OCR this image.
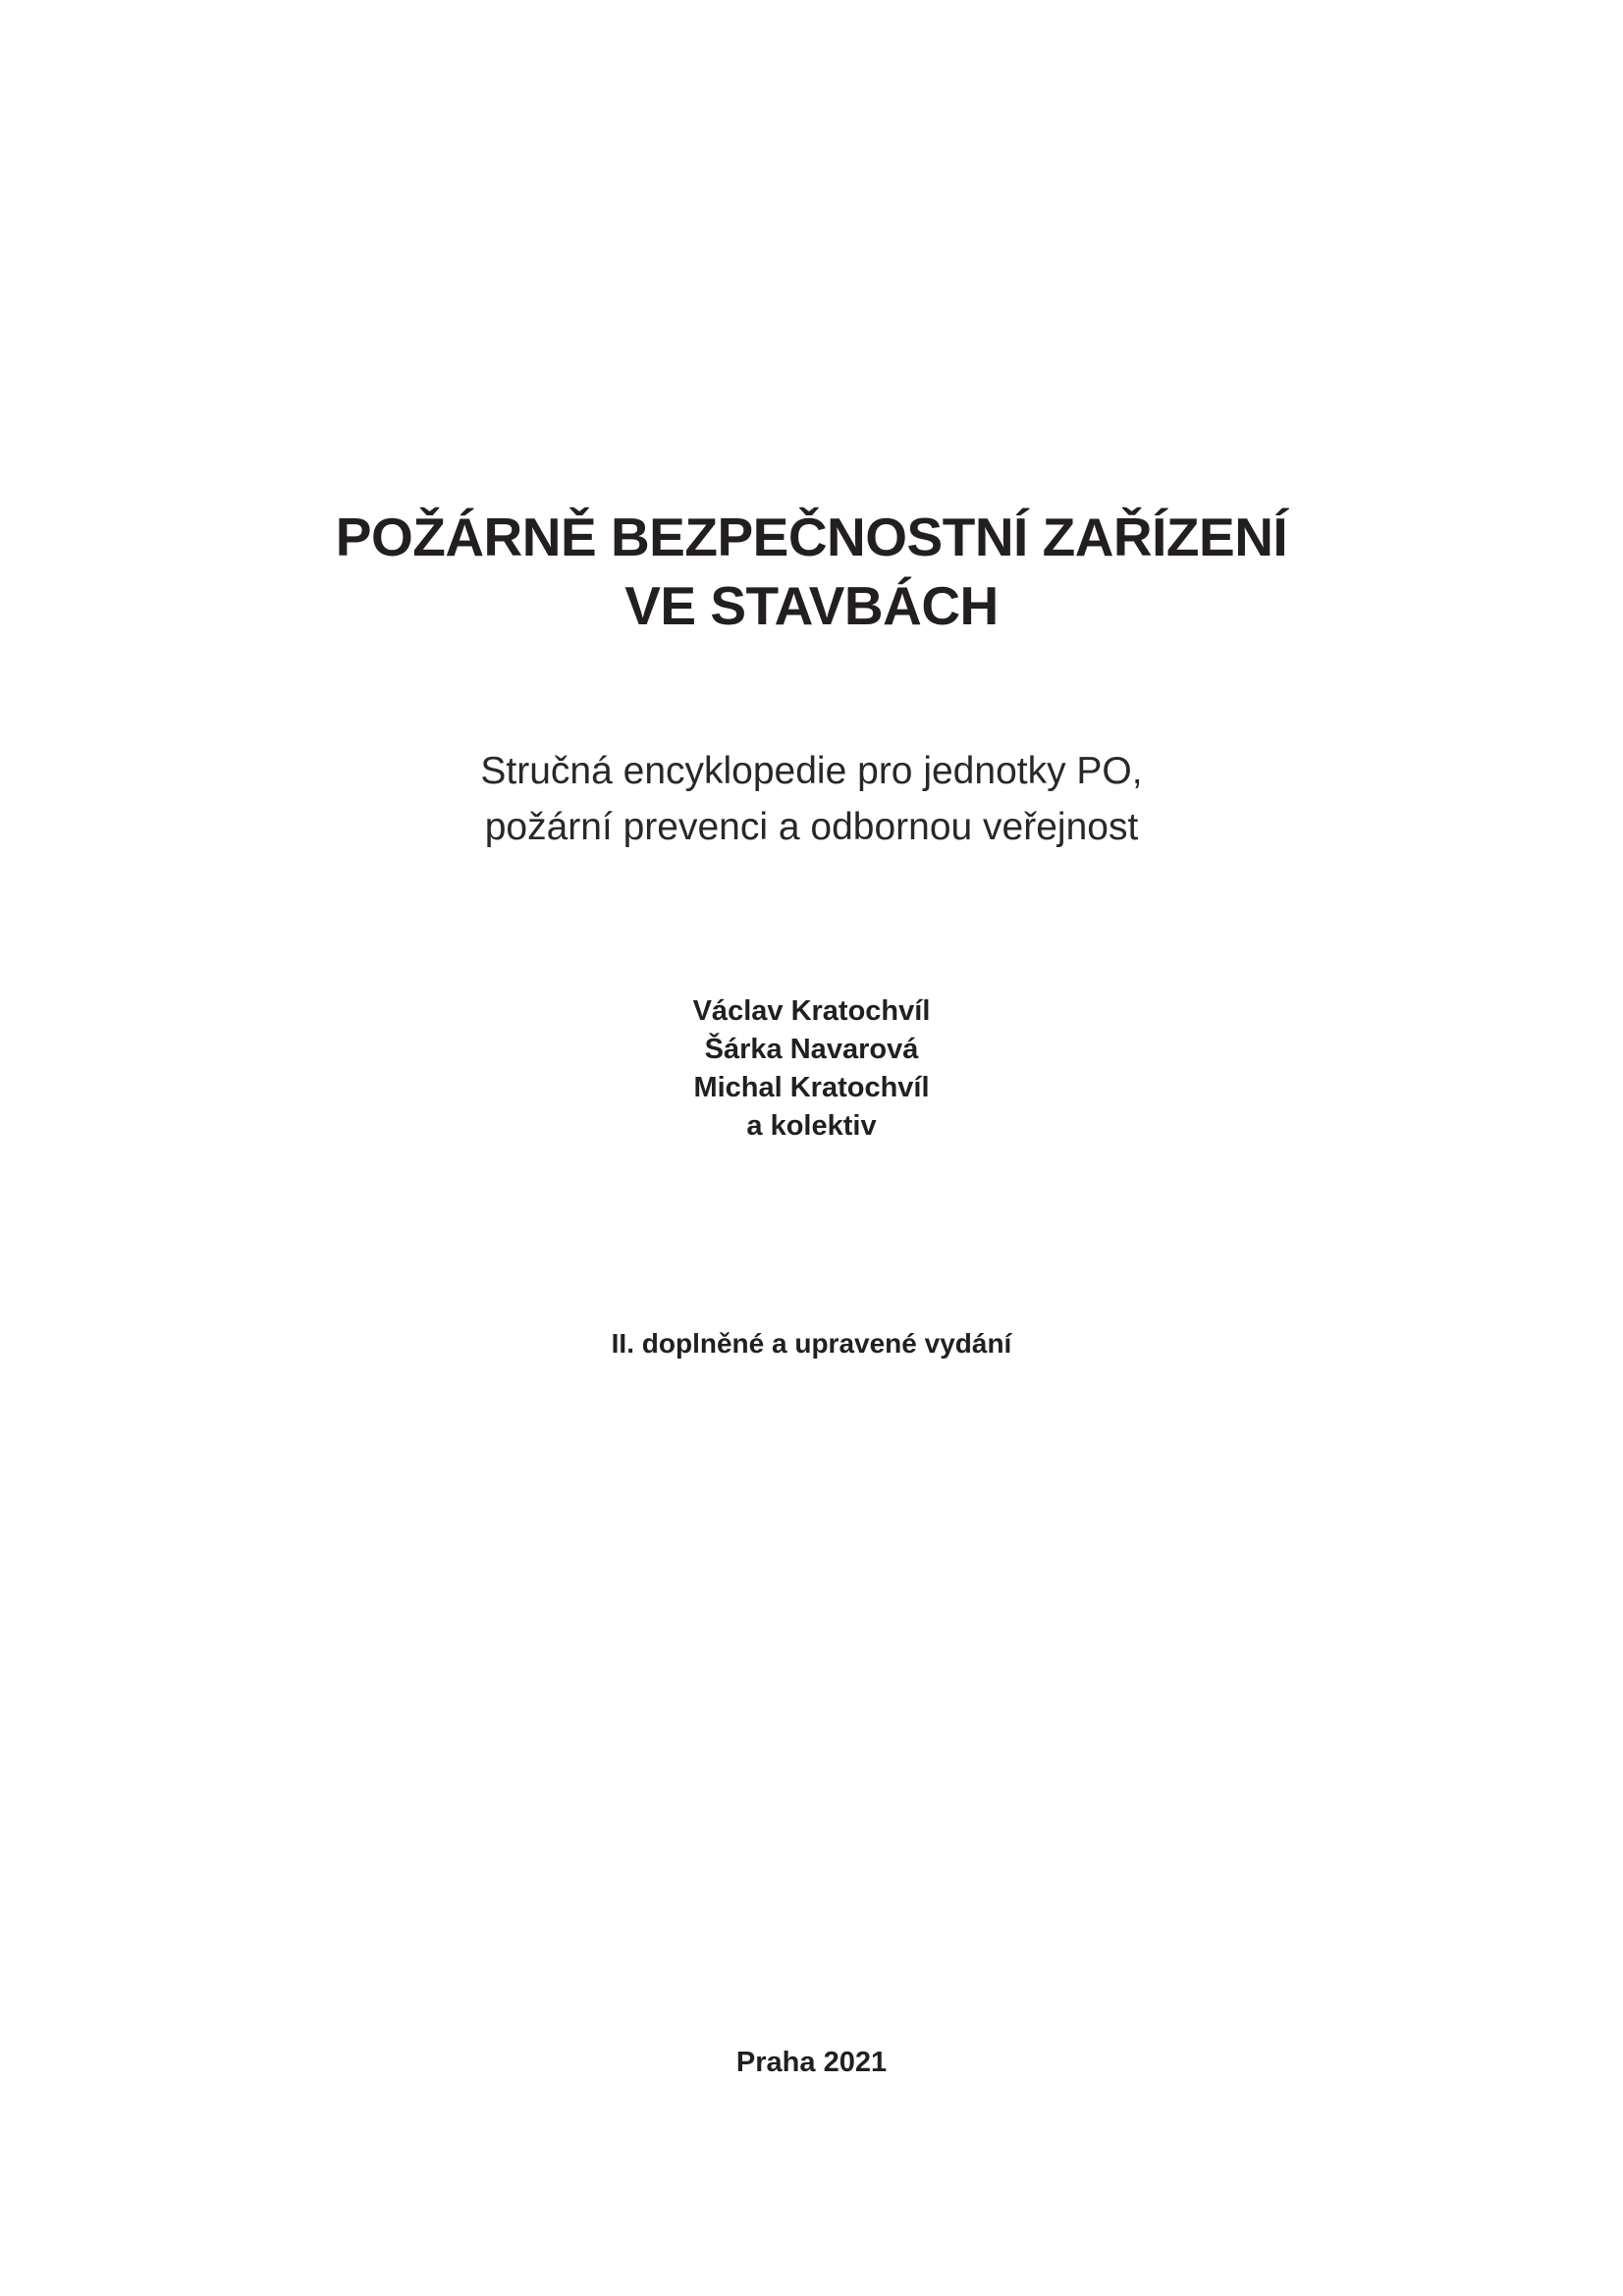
POŽÁRNĚ BEZPEČNOSTNÍ ZAŘÍZENÍ
VE STAVBÁCH
Stručná encyklopedie pro jednotky PO,
požární prevenci a odbornou veřejnost
Václav Kratochvíl
Šárka Navarová
Michal Kratochvíl
a kolektiv
II. doplněné a upravené vydání
Praha 2021
